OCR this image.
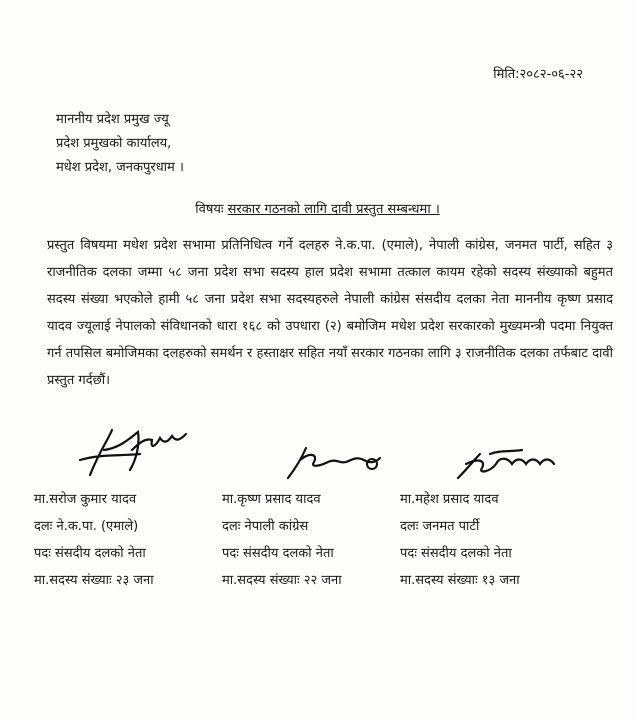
मिति:२०८२-०६-२२
माननीय प्रदेश प्रमुख ज्यू
प्रदेश प्रमुखको कार्यालय,
मधेश प्रदेश, जनकपुरधाम ।
विषयः सरकार गठनको लागि दावी प्रस्तुत सम्बन्धमा ।
प्रस्तुत विषयमा मधेश प्रदेश सभामा प्रतिनिधित्व गर्ने दलहरु ने.क.पा. (एमाले), नेपाली कांग्रेस, जनमत पार्टी, सहित ३ राजनीतिक दलका जम्मा ५८ जना प्रदेश सभा सदस्य हाल प्रदेश सभामा तत्काल कायम रहेको सदस्य संख्याको बहुमत सदस्य संख्या भएकोले हामी ५८ जना प्रदेश सभा सदस्यहरुले नेपाली कांग्रेस संसदीय दलका नेता माननीय कृष्ण प्रसाद यादव ज्यूलाई नेपालको संविधानको धारा १६८ को उपधारा (२) बमोजिम मधेश प्रदेश सरकारको मुख्यमन्त्री पदमा नियुक्त गर्न तपसिल बमोजिमका दलहरुको समर्थन र हस्ताक्षर सहित नयाँ सरकार गठनका लागि ३ राजनीतिक दलका तर्फबाट दावी प्रस्तुत गर्दछौं।
मा.सरोज कुमार यादव
दलः ने.क.पा. (एमाले)
पदः संसदीय दलको नेता
मा.सदस्य संख्याः २३ जना
मा.कृष्ण प्रसाद यादव
दलः नेपाली कांग्रेस
पदः संसदीय दलको नेता
मा.सदस्य संख्याः २२ जना
मा.महेश प्रसाद यादव
दलः जनमत पार्टी
पदः संसदीय दलको नेता
मा.सदस्य संख्याः १३ जना
